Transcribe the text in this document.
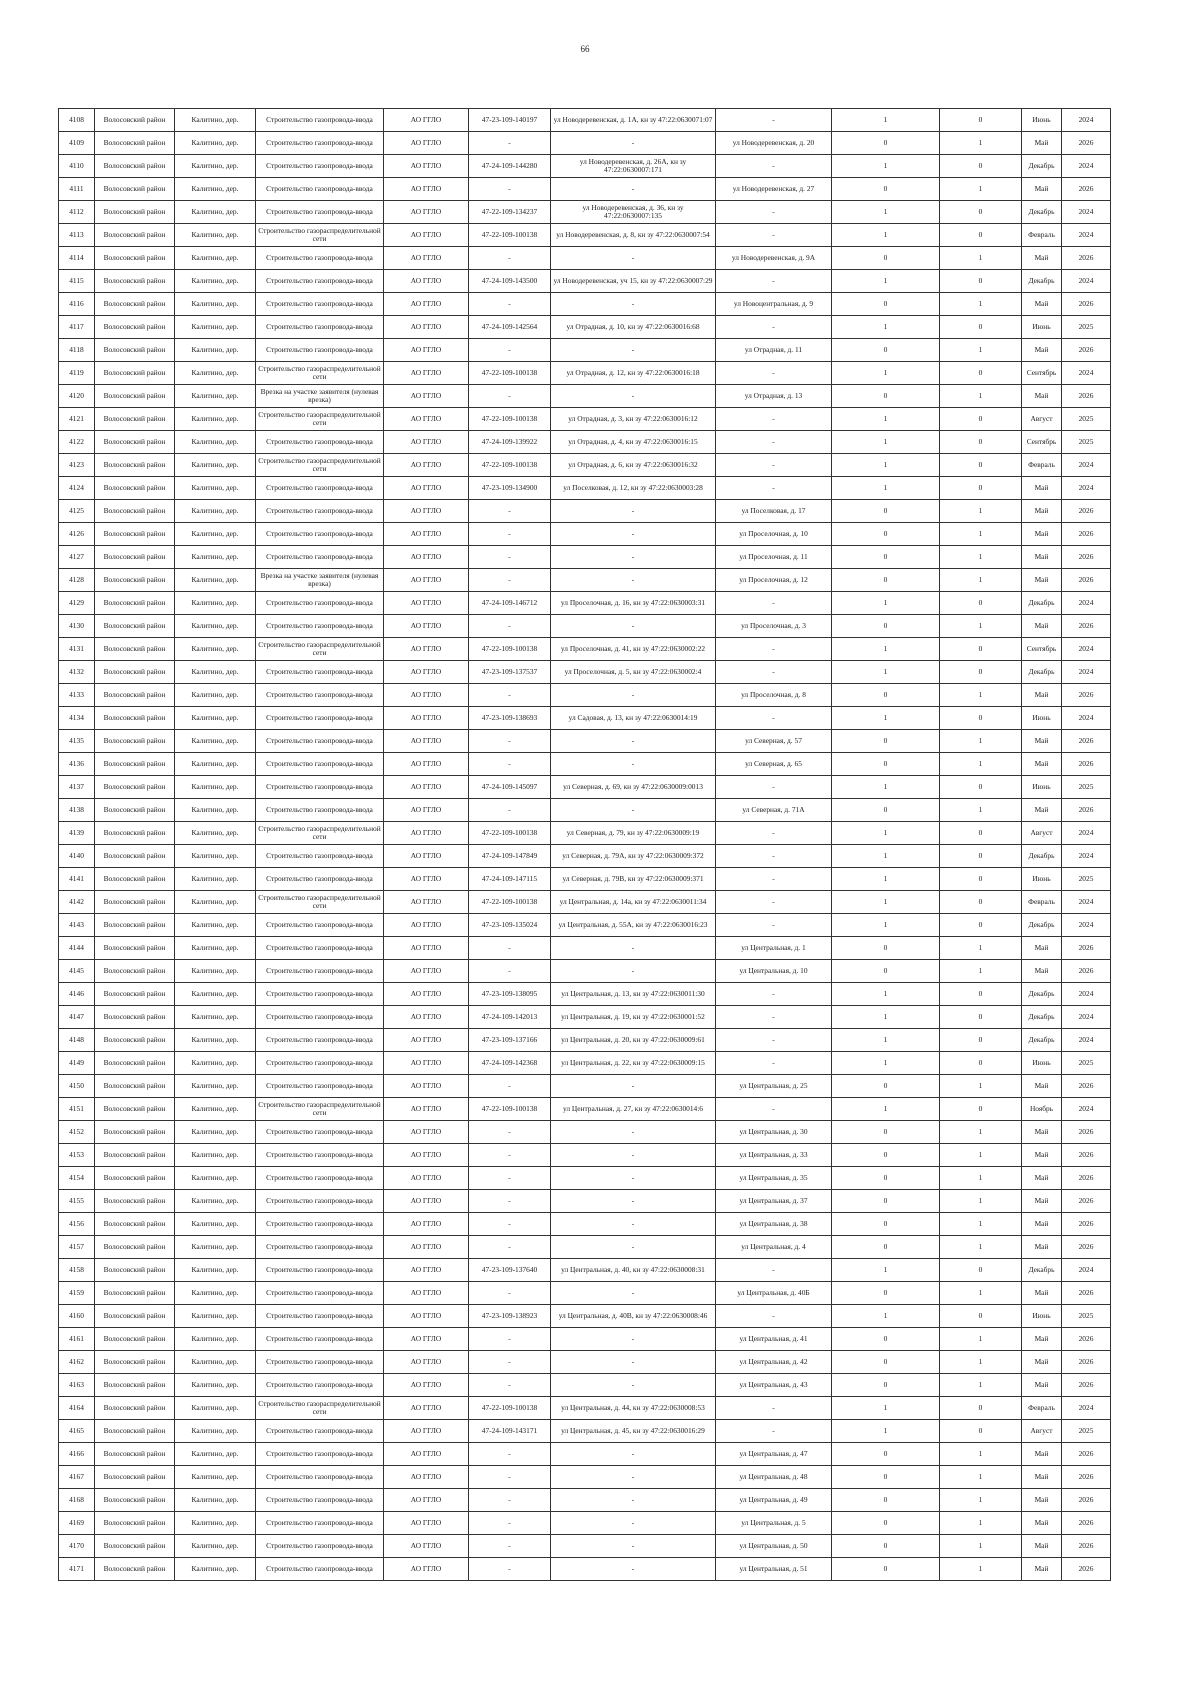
66
4108	Волосовский район	Калитино, дер.	Строительство газопровода-ввода	АО ГГЛО	47-23-109-140197	ул Новодеревенская, д. 1А, кн зу 47:22:0630071:07	-	1	0	Июнь	2024
4109	Волосовский район	Калитино, дер.	Строительство газопровода-ввода	АО ГГЛО	-	-	ул Новодеревенская, д. 20	0	1	Май	2026
4110	Волосовский район	Калитино, дер.	Строительство газопровода-ввода	АО ГГЛО	47-24-109-144280	ул Новодеревенская, д. 26А, кн зу 47:22:0630007:171	-	1	0	Декабрь	2024
4111	Волосовский район	Калитино, дер.	Строительство газопровода-ввода	АО ГГЛО	-	-	ул Новодеревенская, д. 27	0	1	Май	2026
4112	Волосовский район	Калитино, дер.	Строительство газопровода-ввода	АО ГГЛО	47-22-109-134237	ул Новодеревенская, д. 36, кн зу 47:22:0630007:135	-	1	0	Декабрь	2024
4113	Волосовский район	Калитино, дер.	Строительство газораспределительной сети	АО ГГЛО	47-22-109-100138	ул Новодеревенская, д. 8, кн зу 47:22:0630007:54	-	1	0	Февраль	2024
4114	Волосовский район	Калитино, дер.	Строительство газопровода-ввода	АО ГГЛО	-	-	ул Новодеревенская, д. 9А	0	1	Май	2026
4115	Волосовский район	Калитино, дер.	Строительство газопровода-ввода	АО ГГЛО	47-24-109-143500	ул Новодеревенская, уч 15, кн зу 47:22:0630007:29	-	1	0	Декабрь	2024
4116	Волосовский район	Калитино, дер.	Строительство газопровода-ввода	АО ГГЛО	-	-	ул Новоцентральная, д. 9	0	1	Май	2026
4117	Волосовский район	Калитино, дер.	Строительство газопровода-ввода	АО ГГЛО	47-24-109-142564	ул Отрадная, д. 10, кн зу 47:22:0630016:68	-	1	0	Июнь	2025
4118	Волосовский район	Калитино, дер.	Строительство газопровода-ввода	АО ГГЛО	-	-	ул Отрадная, д. 11	0	1	Май	2026
4119	Волосовский район	Калитино, дер.	Строительство газораспределительной сети	АО ГГЛО	47-22-109-100138	ул Отрадная, д. 12, кн зу 47:22:0630016:18	-	1	0	Сентябрь	2024
4120	Волосовский район	Калитино, дер.	Врезка на участке заявителя (нулевая врезка)	АО ГГЛО	-	-	ул Отрадная, д. 13	0	1	Май	2026
4121	Волосовский район	Калитино, дер.	Строительство газораспределительной сети	АО ГГЛО	47-22-109-100138	ул Отрадная, д. 3, кн зу 47:22:0630016:12	-	1	0	Август	2025
4122	Волосовский район	Калитино, дер.	Строительство газопровода-ввода	АО ГГЛО	47-24-109-139922	ул Отрадная, д. 4, кн зу 47:22:0630016:15	-	1	0	Сентябрь	2025
4123	Волосовский район	Калитино, дер.	Строительство газораспределительной сети	АО ГГЛО	47-22-109-100138	ул Отрадная, д. 6, кн зу 47:22:0630016:32	-	1	0	Февраль	2024
4124	Волосовский район	Калитино, дер.	Строительство газопровода-ввода	АО ГГЛО	47-23-109-134900	ул Поселковая, д. 12, кн зу 47:22:0630003:28	-	1	0	Май	2024
4125	Волосовский район	Калитино, дер.	Строительство газопровода-ввода	АО ГГЛО	-	-	ул Поселковая, д. 17	0	1	Май	2026
4126	Волосовский район	Калитино, дер.	Строительство газопровода-ввода	АО ГГЛО	-	-	ул Проселочная, д. 10	0	1	Май	2026
4127	Волосовский район	Калитино, дер.	Строительство газопровода-ввода	АО ГГЛО	-	-	ул Проселочная, д. 11	0	1	Май	2026
4128	Волосовский район	Калитино, дер.	Врезка на участке заявителя (нулевая врезка)	АО ГГЛО	-	-	ул Проселочная, д. 12	0	1	Май	2026
4129	Волосовский район	Калитино, дер.	Строительство газопровода-ввода	АО ГГЛО	47-24-109-146712	ул Проселочная, д. 16, кн зу 47:22:0630003:31	-	1	0	Декабрь	2024
4130	Волосовский район	Калитино, дер.	Строительство газопровода-ввода	АО ГГЛО	-	-	ул Проселочная, д. 3	0	1	Май	2026
4131	Волосовский район	Калитино, дер.	Строительство газораспределительной сети	АО ГГЛО	47-22-109-100138	ул Проселочная, д. 41, кн зу 47:22:0630002:22	-	1	0	Сентябрь	2024
4132	Волосовский район	Калитино, дер.	Строительство газопровода-ввода	АО ГГЛО	47-23-109-137537	ул Проселочная, д. 5, кн зу 47:22:0630002:4	-	1	0	Декабрь	2024
4133	Волосовский район	Калитино, дер.	Строительство газопровода-ввода	АО ГГЛО	-	-	ул Проселочная, д. 8	0	1	Май	2026
4134	Волосовский район	Калитино, дер.	Строительство газопровода-ввода	АО ГГЛО	47-23-109-138693	ул Садовая, д. 13, кн зу 47:22:0630014:19	-	1	0	Июнь	2024
4135	Волосовский район	Калитино, дер.	Строительство газопровода-ввода	АО ГГЛО	-	-	ул Северная, д. 57	0	1	Май	2026
4136	Волосовский район	Калитино, дер.	Строительство газопровода-ввода	АО ГГЛО	-	-	ул Северная, д. 65	0	1	Май	2026
4137	Волосовский район	Калитино, дер.	Строительство газопровода-ввода	АО ГГЛО	47-24-109-145097	ул Северная, д. 69, кн зу 47:22:0630009:0013	-	1	0	Июнь	2025
4138	Волосовский район	Калитино, дер.	Строительство газопровода-ввода	АО ГГЛО	-	-	ул Северная, д. 71А	0	1	Май	2026
4139	Волосовский район	Калитино, дер.	Строительство газораспределительной сети	АО ГГЛО	47-22-109-100138	ул Северная, д. 79, кн зу 47:22:0630009:19	-	1	0	Август	2024
4140	Волосовский район	Калитино, дер.	Строительство газопровода-ввода	АО ГГЛО	47-24-109-147849	ул Северная, д. 79А, кн зу 47:22:0630009:372	-	1	0	Декабрь	2024
4141	Волосовский район	Калитино, дер.	Строительство газопровода-ввода	АО ГГЛО	47-24-109-147115	ул Северная, д. 79В, кн зу 47:22:0630009:371	-	1	0	Июнь	2025
4142	Волосовский район	Калитино, дер.	Строительство газораспределительной сети	АО ГГЛО	47-22-109-100138	ул Центральная, д. 14а, кн зу 47:22:0630011:34	-	1	0	Февраль	2024
4143	Волосовский район	Калитино, дер.	Строительство газопровода-ввода	АО ГГЛО	47-23-109-135024	ул Центральная, д. 55А, кн зу 47:22:0630016:23	-	1	0	Декабрь	2024
4144	Волосовский район	Калитино, дер.	Строительство газопровода-ввода	АО ГГЛО	-	-	ул Центральная, д. 1	0	1	Май	2026
4145	Волосовский район	Калитино, дер.	Строительство газопровода-ввода	АО ГГЛО	-	-	ул Центральная, д. 10	0	1	Май	2026
4146	Волосовский район	Калитино, дер.	Строительство газопровода-ввода	АО ГГЛО	47-23-109-138095	ул Центральная, д. 13, кн зу 47:22:0630011:30	-	1	0	Декабрь	2024
4147	Волосовский район	Калитино, дер.	Строительство газопровода-ввода	АО ГГЛО	47-24-109-142013	ул Центральная, д. 19, кн зу 47:22:0630001:52	-	1	0	Декабрь	2024
4148	Волосовский район	Калитино, дер.	Строительство газопровода-ввода	АО ГГЛО	47-23-109-137166	ул Центральная, д. 20, кн зу 47:22:0630009:61	-	1	0	Декабрь	2024
4149	Волосовский район	Калитино, дер.	Строительство газопровода-ввода	АО ГГЛО	47-24-109-142368	ул Центральная, д. 22, кн зу 47:22:0630009:15	-	1	0	Июнь	2025
4150	Волосовский район	Калитино, дер.	Строительство газопровода-ввода	АО ГГЛО	-	-	ул Центральная, д. 25	0	1	Май	2026
4151	Волосовский район	Калитино, дер.	Строительство газораспределительной сети	АО ГГЛО	47-22-109-100138	ул Центральная, д. 27, кн зу 47:22:0630014:6	-	1	0	Ноябрь	2024
4152	Волосовский район	Калитино, дер.	Строительство газопровода-ввода	АО ГГЛО	-	-	ул Центральная, д. 30	0	1	Май	2026
4153	Волосовский район	Калитино, дер.	Строительство газопровода-ввода	АО ГГЛО	-	-	ул Центральная, д. 33	0	1	Май	2026
4154	Волосовский район	Калитино, дер.	Строительство газопровода-ввода	АО ГГЛО	-	-	ул Центральная, д. 35	0	1	Май	2026
4155	Волосовский район	Калитино, дер.	Строительство газопровода-ввода	АО ГГЛО	-	-	ул Центральная, д. 37	0	1	Май	2026
4156	Волосовский район	Калитино, дер.	Строительство газопровода-ввода	АО ГГЛО	-	-	ул Центральная, д. 38	0	1	Май	2026
4157	Волосовский район	Калитино, дер.	Строительство газопровода-ввода	АО ГГЛО	-	-	ул Центральная, д. 4	0	1	Май	2026
4158	Волосовский район	Калитино, дер.	Строительство газопровода-ввода	АО ГГЛО	47-23-109-137640	ул Центральная, д. 40, кн зу 47:22:0630008:31	-	1	0	Декабрь	2024
4159	Волосовский район	Калитино, дер.	Строительство газопровода-ввода	АО ГГЛО	-	-	ул Центральная, д. 40Б	0	1	Май	2026
4160	Волосовский район	Калитино, дер.	Строительство газопровода-ввода	АО ГГЛО	47-23-109-138923	ул Центральная, д. 40В, кн зу 47:22:0630008:46	-	1	0	Июнь	2025
4161	Волосовский район	Калитино, дер.	Строительство газопровода-ввода	АО ГГЛО	-	-	ул Центральная, д. 41	0	1	Май	2026
4162	Волосовский район	Калитино, дер.	Строительство газопровода-ввода	АО ГГЛО	-	-	ул Центральная, д. 42	0	1	Май	2026
4163	Волосовский район	Калитино, дер.	Строительство газопровода-ввода	АО ГГЛО	-	-	ул Центральная, д. 43	0	1	Май	2026
4164	Волосовский район	Калитино, дер.	Строительство газораспределительной сети	АО ГГЛО	47-22-109-100138	ул Центральная, д. 44, кн зу 47:22:0630008:53	-	1	0	Февраль	2024
4165	Волосовский район	Калитино, дер.	Строительство газопровода-ввода	АО ГГЛО	47-24-109-143171	ул Центральная, д. 45, кн зу 47:22:0630016:29	-	1	0	Август	2025
4166	Волосовский район	Калитино, дер.	Строительство газопровода-ввода	АО ГГЛО	-	-	ул Центральная, д. 47	0	1	Май	2026
4167	Волосовский район	Калитино, дер.	Строительство газопровода-ввода	АО ГГЛО	-	-	ул Центральная, д. 48	0	1	Май	2026
4168	Волосовский район	Калитино, дер.	Строительство газопровода-ввода	АО ГГЛО	-	-	ул Центральная, д. 49	0	1	Май	2026
4169	Волосовский район	Калитино, дер.	Строительство газопровода-ввода	АО ГГЛО	-	-	ул Центральная, д. 5	0	1	Май	2026
4170	Волосовский район	Калитино, дер.	Строительство газопровода-ввода	АО ГГЛО	-	-	ул Центральная, д. 50	0	1	Май	2026
4171	Волосовский район	Калитино, дер.	Строительство газопровода-ввода	АО ГГЛО	-	-	ул Центральная, д. 51	0	1	Май	2026
